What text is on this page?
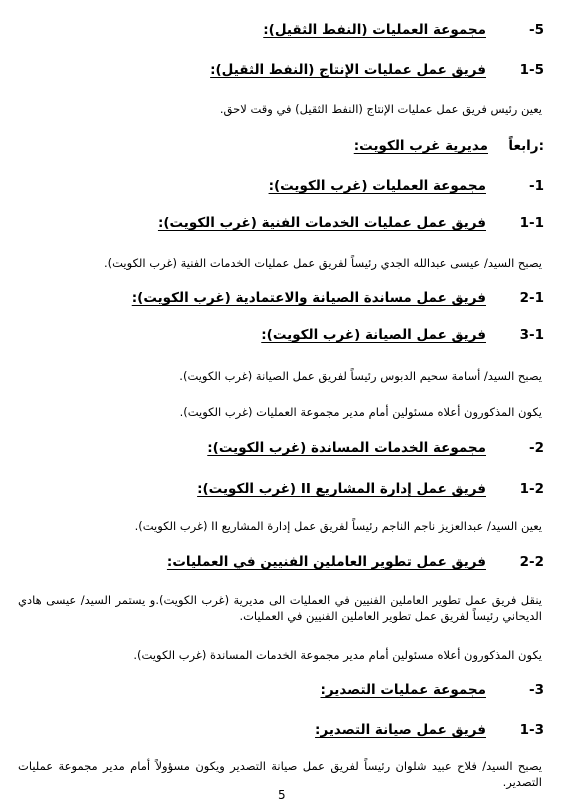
-5
مجموعة العمليات (النفط الثقيل):
1-5
فريق عمل عمليات الإنتاج (النفط الثقيل):
يعين رئيس فريق عمل عمليات الإنتاج (النفط الثقيل) في وقت لاحق.
رابعاً:
مديرية غرب الكويت:
-1
مجموعة العمليات (غرب الكويت):
1-1
فريق عمل عمليات الخدمات الفنية (غرب الكويت):
يصبح السيد/ عيسى عبدالله الجدي رئيساً لفريق عمل عمليات الخدمات الفنية (غرب الكويت).
2-1
فريق عمل مساندة الصيانة والاعتمادية (غرب الكويت):
3-1
فريق عمل الصيانة (غرب الكويت):
يصبح السيد/ أسامة سحيم الدبوس رئيساً لفريق عمل الصيانة (غرب الكويت).
يكون المذكورون أعلاه مسئولين أمام مدير مجموعة العمليات (غرب الكويت).
-2
مجموعة الخدمات المساندة (غرب الكويت):
1-2
فريق عمل إدارة المشاريع II (غرب الكويت):
يعين السيد/ عبدالعزيز ناجم الناجم رئيساً لفريق عمل إدارة المشاريع II (غرب الكويت).
2-2
فريق عمل تطوير العاملين الفنيين في العمليات:
ينقل فريق عمل تطوير العاملين الفنيين في العمليات الى مديرية (غرب الكويت).و يستمر السيد/ عيسى هادي الديحاني رئيساً لفريق عمل تطوير العاملين الفنيين في العمليات.
يكون المذكورون أعلاه مسئولين أمام مدير مجموعة الخدمات المساندة (غرب الكويت).
-3
مجموعة عمليات التصدير:
1-3
فريق عمل صيانة التصدير:
يصبح السيد/ فلاح عبيد شلوان رئيساً لفريق عمل صيانة التصدير ويكون مسؤولاً أمام مدير مجموعة عمليات التصدير.
5
